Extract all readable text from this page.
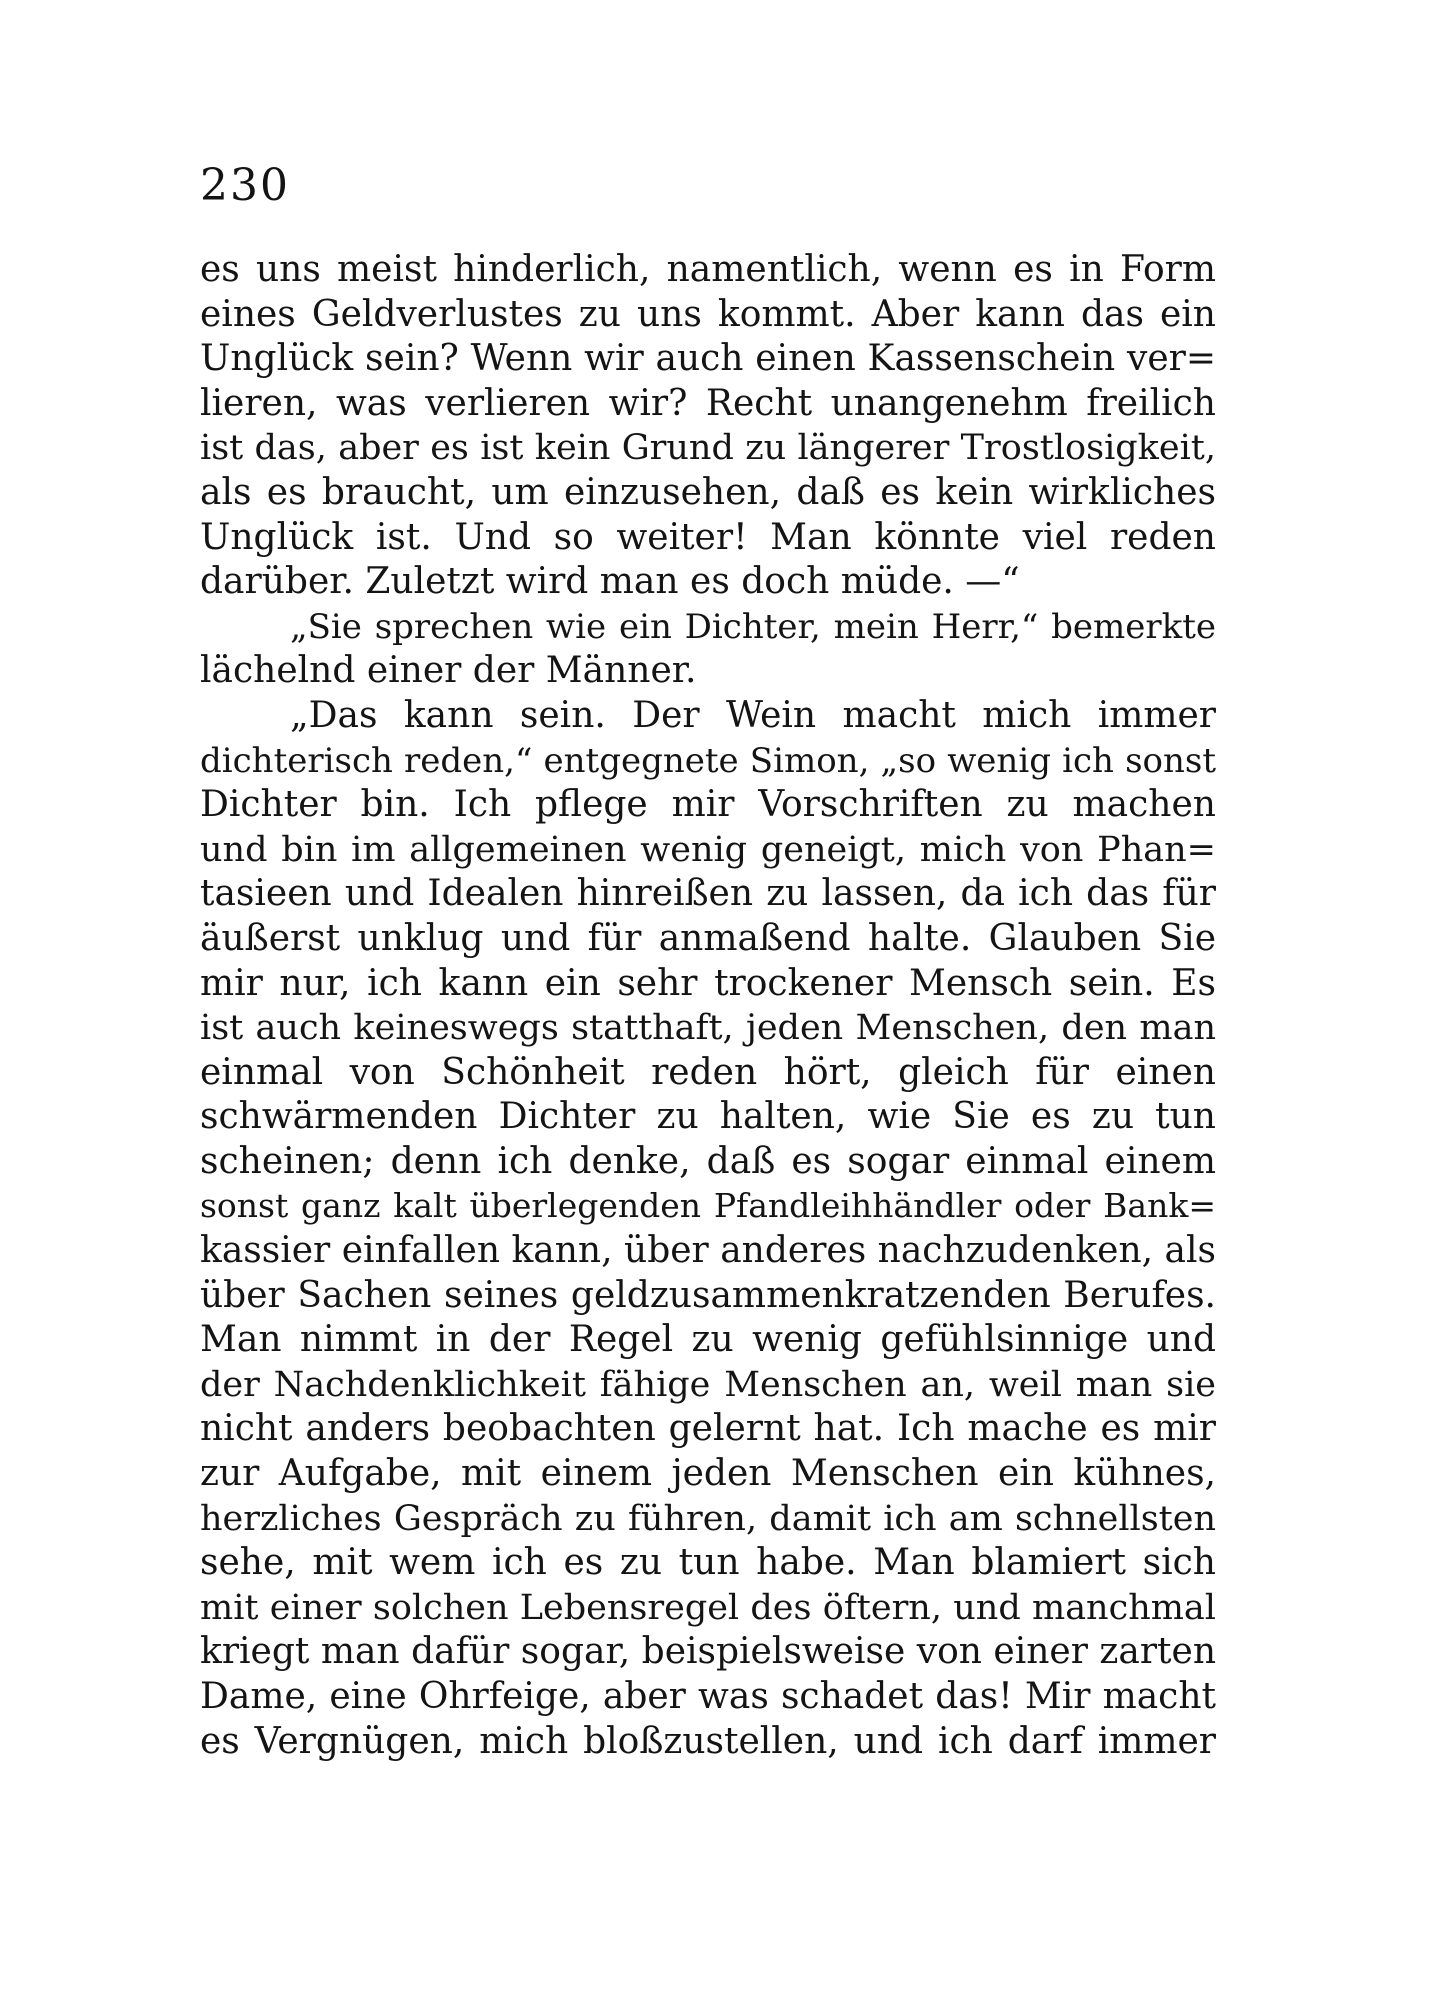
230
es uns meist hinderlich, namentlich, wenn es in Form
eines Geldverlustes zu uns kommt. Aber kann das ein
Unglück sein? Wenn wir auch einen Kassenschein ver=
lieren, was verlieren wir? Recht unangenehm freilich
ist das, aber es ist kein Grund zu längerer Trostlosigkeit,
als es braucht, um einzusehen, daß es kein wirkliches
Unglück ist. Und so weiter! Man könnte viel reden
darüber. Zuletzt wird man es doch müde. —“
„Sie sprechen wie ein Dichter, mein Herr,“ bemerkte
lächelnd einer der Männer.
„Das kann sein. Der Wein macht mich immer
dichterisch reden,“ entgegnete Simon, „so wenig ich sonst
Dichter bin. Ich pflege mir Vorschriften zu machen
und bin im allgemeinen wenig geneigt, mich von Phan=
tasieen und Idealen hinreißen zu lassen, da ich das für
äußerst unklug und für anmaßend halte. Glauben Sie
mir nur, ich kann ein sehr trockener Mensch sein. Es
ist auch keineswegs statthaft, jeden Menschen, den man
einmal von Schönheit reden hört, gleich für einen
schwärmenden Dichter zu halten, wie Sie es zu tun
scheinen; denn ich denke, daß es sogar einmal einem
sonst ganz kalt überlegenden Pfandleihhändler oder Bank=
kassier einfallen kann, über anderes nachzudenken, als
über Sachen seines geldzusammenkratzenden Berufes.
Man nimmt in der Regel zu wenig gefühlsinnige und
der Nachdenklichkeit fähige Menschen an, weil man sie
nicht anders beobachten gelernt hat. Ich mache es mir
zur Aufgabe, mit einem jeden Menschen ein kühnes,
herzliches Gespräch zu führen, damit ich am schnellsten
sehe, mit wem ich es zu tun habe. Man blamiert sich
mit einer solchen Lebensregel des öftern, und manchmal
kriegt man dafür sogar, beispielsweise von einer zarten
Dame, eine Ohrfeige, aber was schadet das! Mir macht
es Vergnügen, mich bloßzustellen, und ich darf immer
